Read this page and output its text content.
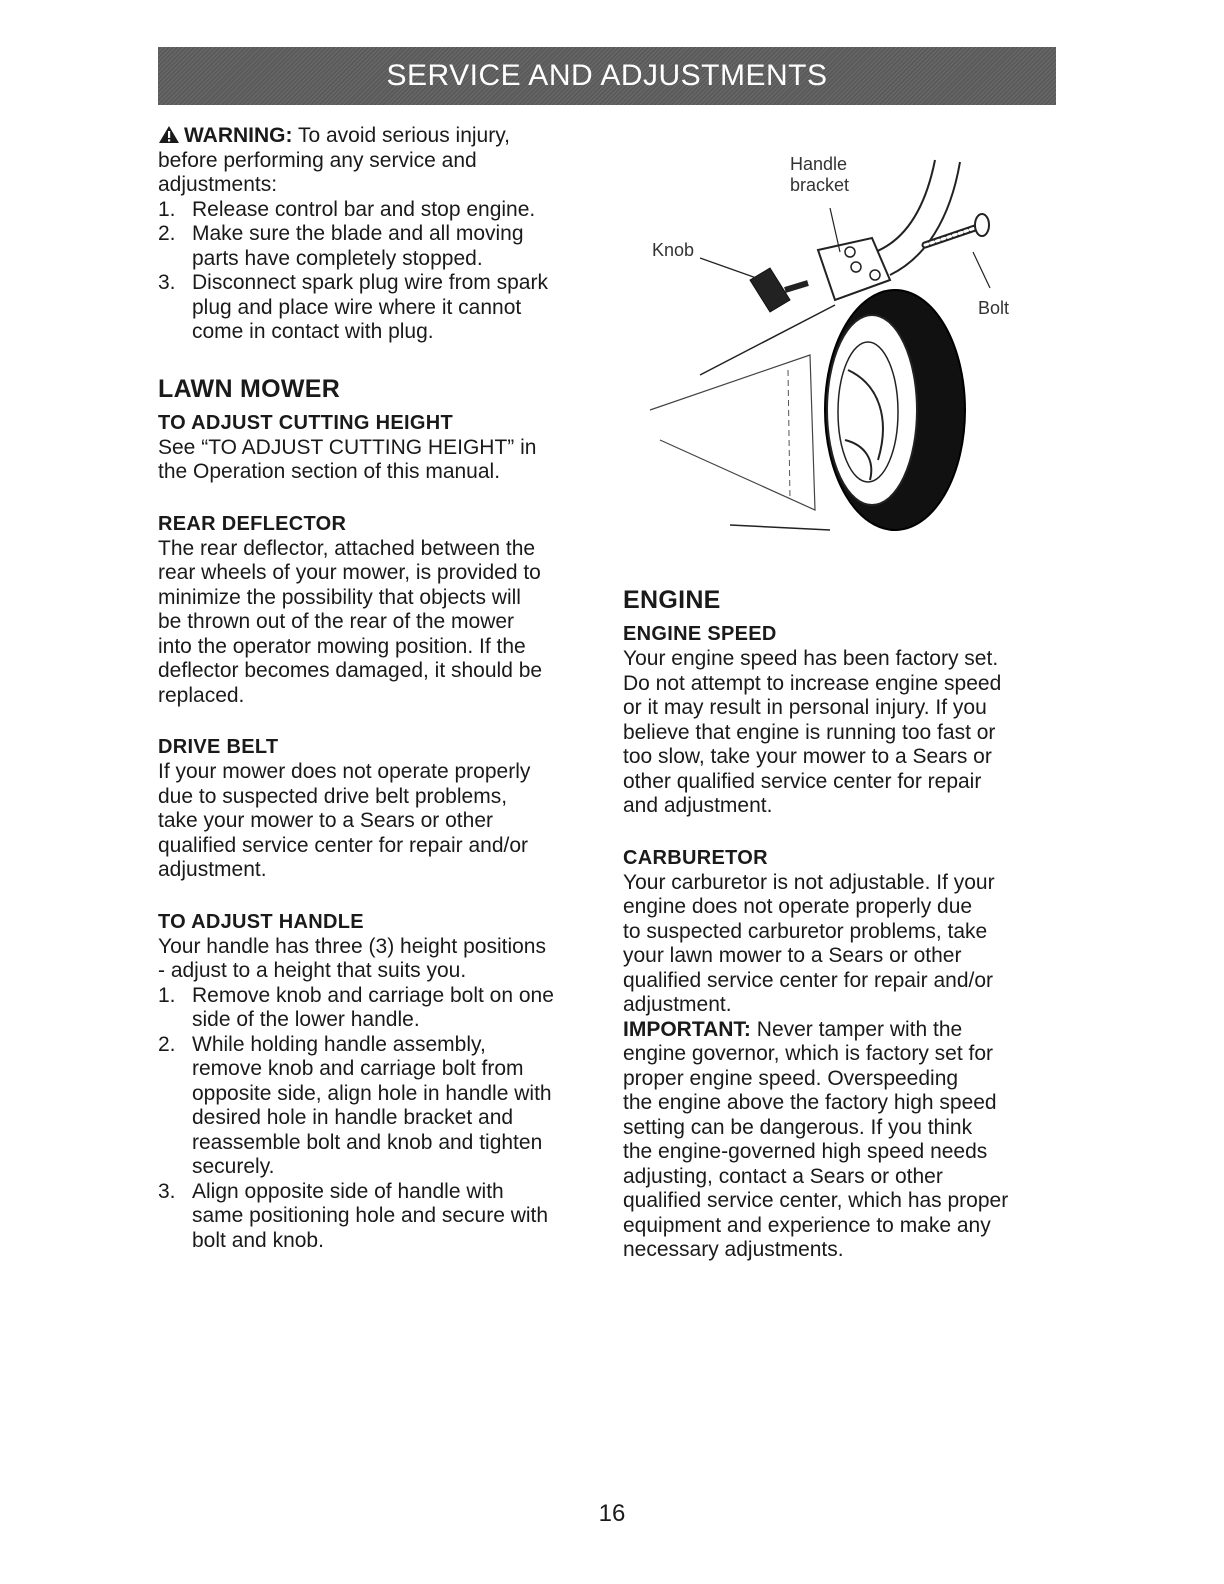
SERVICE AND ADJUSTMENTS

WARNING: To avoid serious injury,

before performing any service and

adjustments:

1. Release control bar and stop engine.
2. Make sure the blade and all moving
parts have completely stopped.
3. Disconnect spark plug wire from spark
plug and place wire where it cannot
come in contact with plug.
LAWN MOWER
TO ADJUST CUTTING HEIGHT

See “TO ADJUST CUTTING HEIGHT” in

the Operation section of this manual.

REAR DEFLECTOR

The rear deflector, attached between the

rear wheels of your mower, is provided to

minimize the possibility that objects will

be thrown out of the rear of the mower

into the operator mowing position. If the

deflector becomes damaged, it should be

replaced.

DRIVE BELT

If your mower does not operate properly

due to suspected drive belt problems,

take your mower to a Sears or other

qualified service center for repair and/or

adjustment.

TO ADJUST HANDLE

Your handle has three (3) height positions

- adjust to a height that suits you.

1. Remove knob and carriage bolt on one
side of the lower handle.
2. While holding handle assembly,
remove knob and carriage bolt from
opposite side, align hole in handle with
desired hole in handle bracket and
reassemble bolt and knob and tighten
securely.
3. Align opposite side of handle with
same positioning hole and secure with
bolt and knob.
Handle
bracket
Knob
Bolt
ENGINE
ENGINE SPEED

Your engine speed has been factory set.

Do not attempt to increase engine speed

or it may result in personal injury. If you

believe that engine is running too fast or

too slow, take your mower to a Sears or

other qualified service center for repair

and adjustment.

CARBURETOR

Your carburetor is not adjustable. If your

engine does not operate properly due

to suspected carburetor problems, take

your lawn mower to a Sears or other

qualified service center for repair and/or

adjustment.

IMPORTANT: Never tamper with the

engine governor, which is factory set for

proper engine speed. Overspeeding

the engine above the factory high speed

setting can be dangerous. If you think

the engine-governed high speed needs

adjusting, contact a Sears or other

qualified service center, which has proper

equipment and experience to make any

necessary adjustments.

16
